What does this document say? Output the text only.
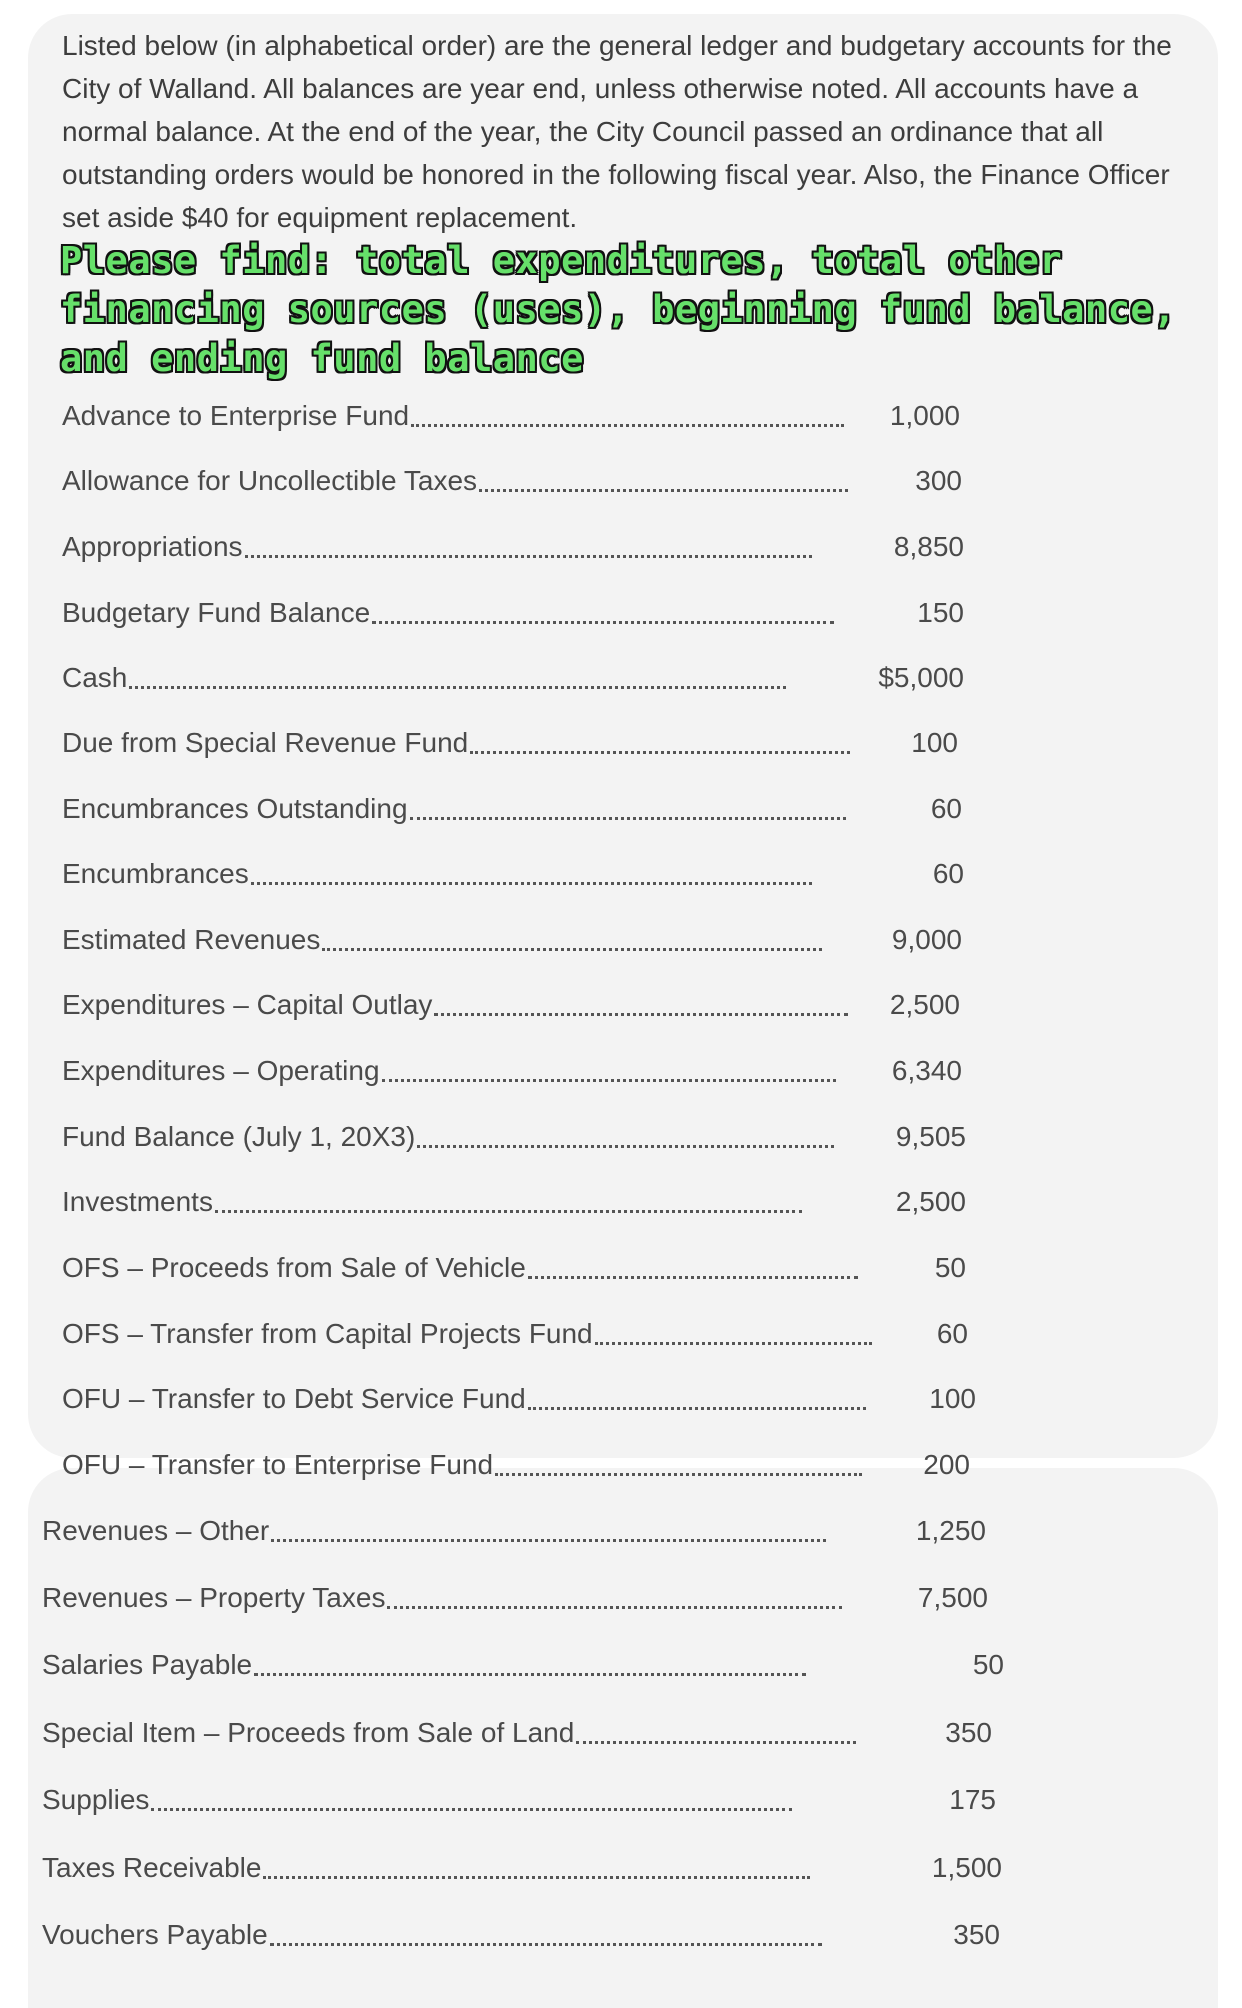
Listed below (in alphabetical order) are the general ledger and budgetary accounts for the City of Walland. All balances are year end, unless otherwise noted. All accounts have a normal balance. At the end of the year, the City Council passed an ordinance that all outstanding orders would be honored in the following fiscal year. Also, the Finance Officer set aside $40 for equipment replacement.

Please find: total expenditures, total other financing sources (uses), beginning fund balance, and ending fund balance

Advance to Enterprise Fund	1,000
Allowance for Uncollectible Taxes	300
Appropriations	8,850
Budgetary Fund Balance	150
Cash	$5,000
Due from Special Revenue Fund	100
Encumbrances Outstanding	60
Encumbrances	60
Estimated Revenues	9,000
Expenditures – Capital Outlay	2,500
Expenditures – Operating	6,340
Fund Balance (July 1, 20X3)	9,505
Investments	2,500
OFS – Proceeds from Sale of Vehicle	50
OFS – Transfer from Capital Projects Fund	60
OFU – Transfer to Debt Service Fund	100
OFU – Transfer to Enterprise Fund	200
Revenues – Other	1,250
Revenues – Property Taxes	7,500
Salaries Payable	50
Special Item – Proceeds from Sale of Land	350
Supplies	175
Taxes Receivable	1,500
Vouchers Payable	350
